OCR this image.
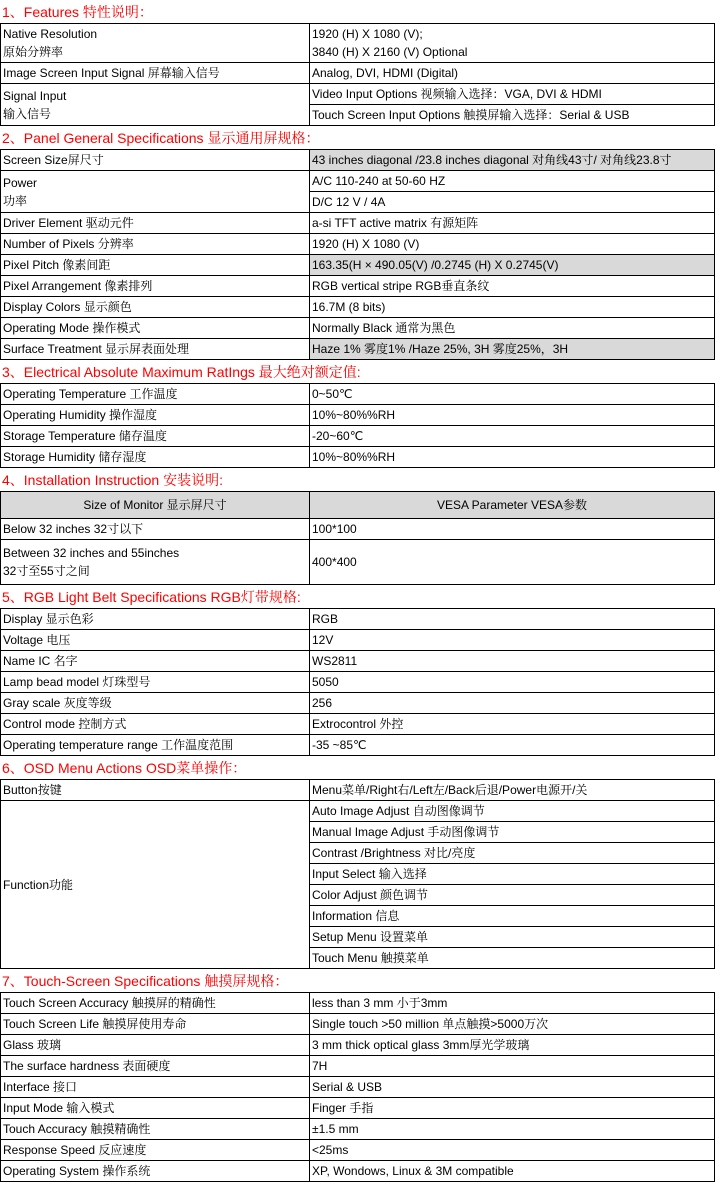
1、Features 特性说明：
Native Resolution
原始分辨率	1920 (H) X 1080 (V);
3840 (H) X 2160 (V) Optional

Image Screen Input Signal 屏幕输入信号	Analog, DVI, HDMI (Digital)

Signal Input
输入信号	Video Input Options 视频输入选择：VGA, DVI & HDMI
	Touch Screen Input Options 触摸屏输入选择：Serial & USB
2、Panel General Specifications 显示通用屏规格：
Screen Size屏尺寸	43 inches diagonal /23.8 inches diagonal 对角线43寸/ 对角线23.8寸

Power
功率	A/C 110-240 at 50-60 HZ
	D/C 12 V / 4A
Driver Element 驱动元件	a-si TFT active matrix 有源矩阵
Number of Pixels 分辨率	1920 (H) X 1080 (V)
Pixel Pitch 像素间距	163.35(H × 490.05(V) /0.2745 (H) X 0.2745(V)
Pixel Arrangement 像素排列	RGB vertical stripe RGB垂直条纹
Display Colors 显示颜色	16.7M (8 bits)
Operating Mode 操作模式	Normally Black 通常为黑色
Surface Treatment 显示屏表面处理	Haze 1% 雾度1% /Haze 25%, 3H 雾度25%，3H
3、Electrical Absolute Maximum RatIngs 最大绝对额定值:
Operating Temperature 工作温度	0~50℃
Operating Humidity 操作湿度	10%~80%%RH
Storage Temperature 储存温度	-20~60℃
Storage Humidity 储存湿度	10%~80%%RH
4、Installation Instruction 安装说明:
Size of Monitor 显示屏尺寸	VESA Parameter VESA参数
Below 32 inches 32寸以下	100*100

Between 32 inches and 55inches
32寸至55寸之间	400*400
5、RGB Light Belt Specifications RGB灯带规格:
Display 显示色彩	RGB
Voltage 电压	12V
Name IC 名字	WS2811
Lamp bead model 灯珠型号	5050
Gray scale 灰度等级	256
Control mode 控制方式	Extrocontrol 外控
Operating temperature range 工作温度范围	-35 ~85℃
6、OSD Menu Actions OSD菜单操作：
Button按键	Menu菜单/Right右/Left左/Back后退/Power电源开/关
Function功能	Auto Image Adjust 自动图像调节
	Manual Image Adjust 手动图像调节
	Contrast /Brightness 对比/亮度
	Input Select 输入选择
	Color Adjust 颜色调节
	Information 信息
	Setup Menu 设置菜单
	Touch Menu 触摸菜单
7、Touch-Screen Specifications 触摸屏规格：
Touch Screen Accuracy 触摸屏的精确性	less than 3 mm 小于3mm
Touch Screen Life 触摸屏使用寿命	Single touch >50 million 单点触摸>5000万次
Glass 玻璃	3 mm thick optical glass 3mm厚光学玻璃
The surface hardness 表面硬度	7H
Interface 接口	Serial & USB
Input Mode 输入模式	Finger 手指
Touch Accuracy 触摸精确性	±1.5 mm
Response Speed 反应速度	<25ms
Operating System 操作系统	XP, Wondows, Linux & 3M compatible
